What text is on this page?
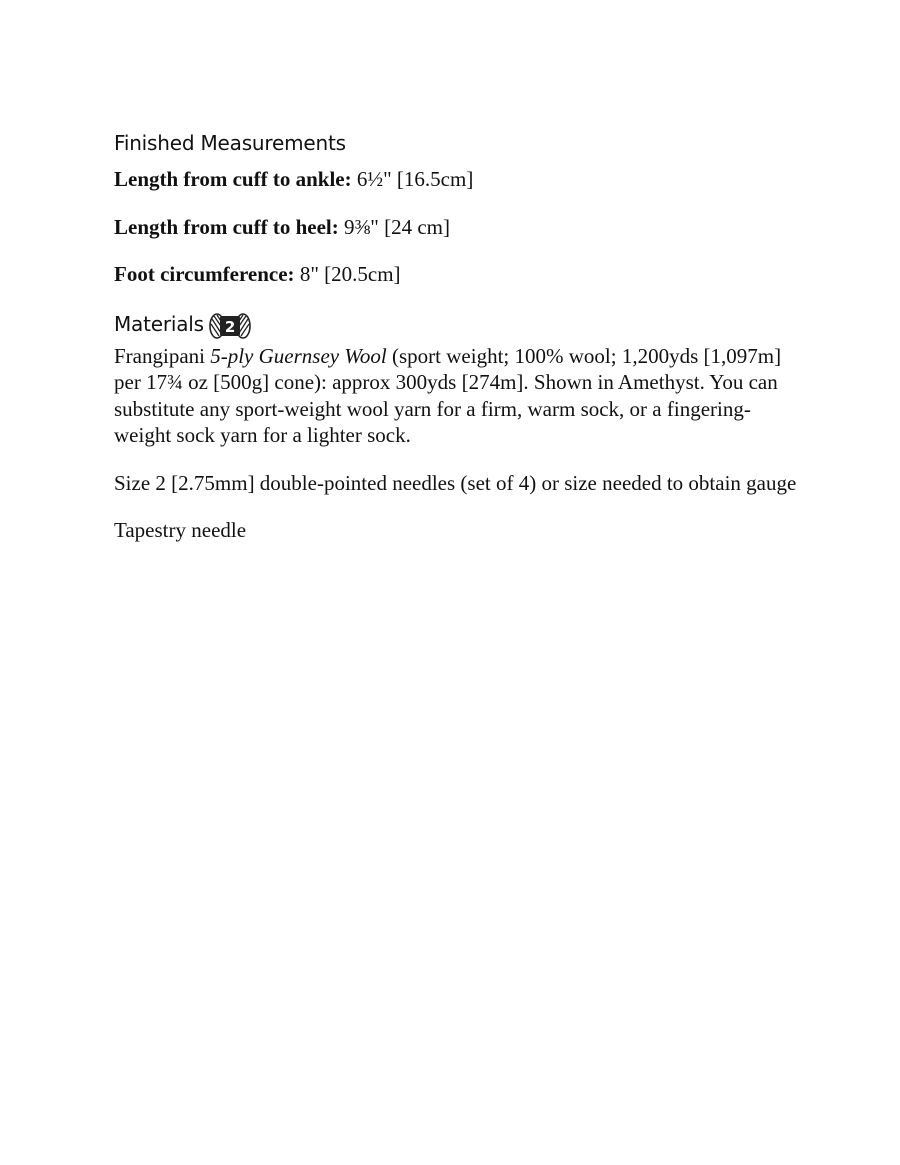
Finished Measurements

Length from cuff to ankle: 6½" [16.5cm]

Length from cuff to heel: 9⅜" [24 cm]

Foot circumference: 8" [20.5cm]

Materials 2

Frangipani 5-ply Guernsey Wool (sport weight; 100% wool; 1,200yds [1,097m] per 17¾ oz [500g] cone): approx 300yds [274m]. Shown in Amethyst. You can substitute any sport-weight wool yarn for a firm, warm sock, or a fingering-weight sock yarn for a lighter sock.

Size 2 [2.75mm] double-pointed needles (set of 4) or size needed to obtain gauge

Tapestry needle
